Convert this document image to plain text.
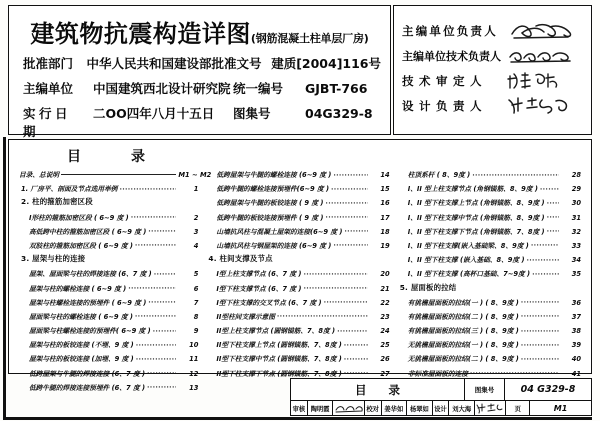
建筑物抗震构造详图(钢筋混凝土柱单层厂房)
批准部门	中华人民共和国建设部 批准文号 建质[2004]116号
主编单位	中国建筑西北设计研究院 统一编号	GJBT-766
实行日期
二OO四年八月十五日	图集号	04G329-8
主编单位负责人
主编单位技术负责人
技术审定人
设计负责人
目录
目录、总说明	M1 ~ M2
1. 厂房平、剖面及节点选用举例 ·····	1
2. 柱的箍筋加密区段
I形柱的箍筋加密区段 ( 6~9 度 ) ·····	2
高低跨中柱的箍筋加密区段 ( 6~9 度 ) ·····	3
双肢柱的箍筋加密区段 ( 6~9 度 ) ·····	4
3. 屋架与柱的连接
屋架、屋面梁与柱的焊接连接 (6、7 度 ) ·····	5
屋架与柱的螺栓连接 ( 6~9 度 ) ·····	6
屋架与柱螺栓连接的预埋件 ( 6~9 度 ) ·····	7
屋面梁与柱的螺栓连接 ( 6~9 度 ) ·····	8
屋面梁与柱螺栓连接的预埋件( 6~9 度 ) ·····	9
屋架与柱的板铰连接 (不埋、9 度 ) ·····	10
屋架与柱的板铰连接 (加埋、9 度 ) ·····	11
低跨屋架与牛腿的焊接连接 (6、7 度 ) ·····	12
低跨牛腿的焊接连接预埋件 (6、7 度 ) ·····	13
低跨屋架与牛腿的螺栓连接 (6~9 度 ) ·····	14
低跨牛腿的螺栓连接预埋件(6~9 度 ) ·····	15
低跨屋架与牛腿的板铰连接 ( 9 度 ) ·····	16
低跨牛腿的板铰连接预埋件 ( 9 度 ) ·····	17
山墙抗风柱与混凝土屋架的连接(6~9 度 ) ·····	18
山墙抗风柱与钢屋架的连接 (6~9 度 ) ·····	19
4. 柱间支撑及节点
I型上柱支撑节点 (6、7 度 ) ·····	20
I型下柱支撑节点 (6、7 度 ) ·····	21
I型下柱支撑的交叉节点 (6、7 度 ) ·····	22
II型柱间支撑示意图 ·····	23
II型上柱支撑节点 (圆钢锚筋、7、8度 ) ·····	24
II型下柱支撑上节点 (圆钢锚筋、7、8度 ) ·····	25
II型下柱支撑中节点 (圆钢锚筋、7、8度 ) ·····	26
II型下柱支撑下节点 (圆钢锚筋、7、8度 ) ·····	27
柱顶系杆 ( 8、9度 ) ·····	28
I、II 型上柱支撑节点 (角钢锚筋、8、9度 ) ·····	29
I、II 型下柱支撑上节点 (角钢锚筋、8、9度 ) ·····	30
I、II 型下柱支撑中节点 (角钢锚筋、8、9度 ) ·····	31
I、II 型下柱支撑下节点 (角钢锚筋、7、8度 ) ·····	32
I、II 型下柱支撑(嵌入基础梁、8、9度 ) ·····	33
I、II 型下柱支撑 (嵌入基础、8、9度 ) ·····	34
I、II 型下柱支撑 (高杯口基础、7~9度 ) ·····	35
5. 屋面板的拉结
有挑檐屋面板的拉结(一 ) ( 8、9度 ) ·····	36
有挑檐屋面板的拉结(二 ) ( 8、9度 ) ·····	37
有挑檐屋面板的拉结(三 ) ( 8、9度 ) ·····	38
无挑檐屋面板的拉结(一 ) ( 8、9度 ) ·····	39
无挑檐屋面板的拉结(二 ) ( 8、9度 ) ·····	40
非标准屋面板的连接 ·····	41
目录	图集号	04 G329-8
审核 陶明霞	校对 姜华如	杨翠如 设计 刘大海	页	M1
